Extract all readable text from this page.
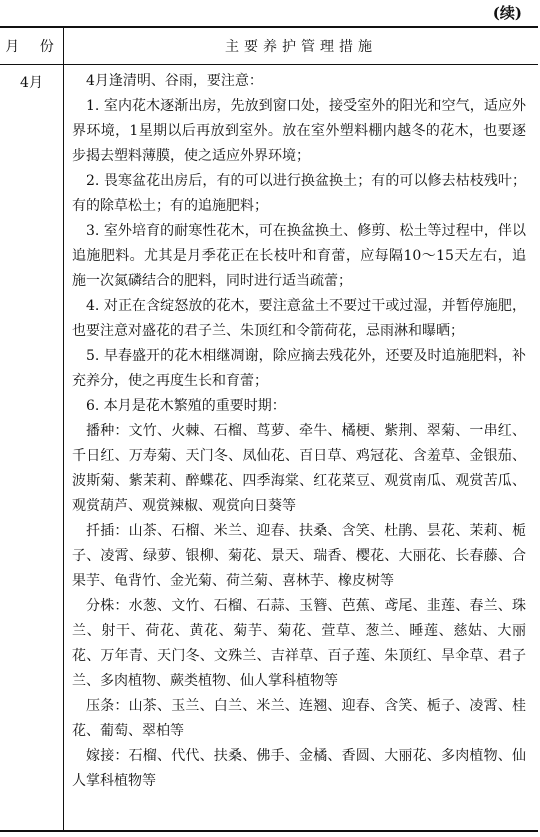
(续)
月 份	主要养护管理措施
4月	4月逢清明、谷雨，要注意：

1. 室内花木逐渐出房，先放到窗口处，接受室外的阳光和空气，适应外界环境，1星期以后再放到室外。放在室外塑料棚内越冬的花木，也要逐步揭去塑料薄膜，使之适应外界环境；

2. 畏寒盆花出房后，有的可以进行换盆换土；有的可以修去枯枝残叶；有的除草松土；有的追施肥料；

3. 室外培育的耐寒性花木，可在换盆换土、修剪、松土等过程中，伴以追施肥料。尤其是月季花正在长枝叶和育蕾，应每隔10～15天左右，追施一次氮磷结合的肥料，同时进行适当疏蕾；

4. 对正在含绽怒放的花木，要注意盆土不要过干或过湿，并暂停施肥，也要注意对盛花的君子兰、朱顶红和令箭荷花，忌雨淋和曝晒；

5. 早春盛开的花木相继凋谢，除应摘去残花外，还要及时追施肥料，补充养分，使之再度生长和育蕾；

6. 本月是花木繁殖的重要时期：

播种：文竹、火棘、石榴、茑萝、牵牛、橘梗、紫荆、翠菊、一串红、千日红、万寿菊、天门冬、凤仙花、百日草、鸡冠花、含羞草、金银茄、波斯菊、紫茉莉、醉蝶花、四季海棠、红花菜豆、观赏南瓜、观赏苦瓜、观赏葫芦、观赏辣椒、观赏向日葵等

扦插：山茶、石榴、米兰、迎春、扶桑、含笑、杜鹃、昙花、茉莉、栀子、凌霄、绿萝、银柳、菊花、景天、瑞香、樱花、大丽花、长春藤、合果芋、龟背竹、金光菊、荷兰菊、喜林芋、橡皮树等

分株：水葱、文竹、石榴、石蒜、玉簪、芭蕉、鸢尾、韭莲、春兰、珠兰、射干、荷花、黄花、菊芋、菊花、萱草、葱兰、睡莲、慈姑、大丽花、万年青、天门冬、文殊兰、吉祥草、百子莲、朱顶红、旱伞草、君子兰、多肉植物、蕨类植物、仙人掌科植物等

压条：山茶、玉兰、白兰、米兰、连翘、迎春、含笑、栀子、凌霄、桂花、葡萄、翠柏等

嫁接：石榴、代代、扶桑、佛手、金橘、香圆、大丽花、多肉植物、仙人掌科植物等
